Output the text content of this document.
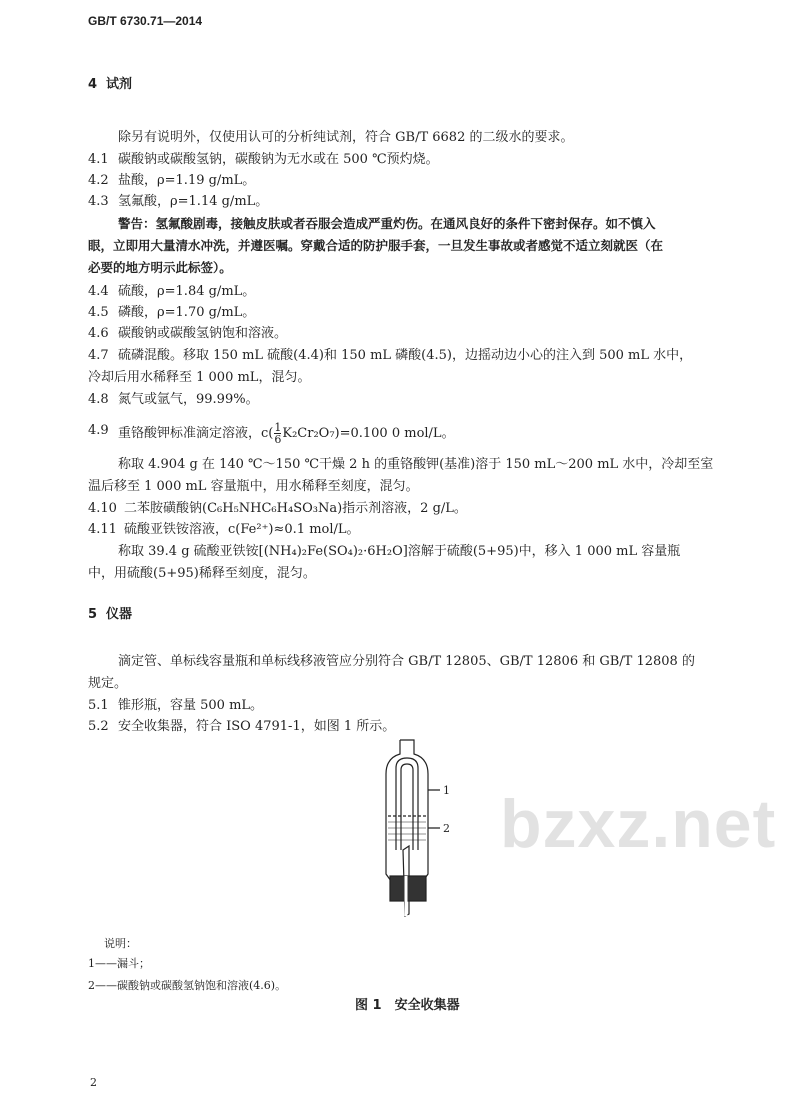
bzxz.net
GB/T 6730.71—2014
4 试剂
除另有说明外，仅使用认可的分析纯试剂，符合 GB/T 6682 的二级水的要求。
4.1 碳酸钠或碳酸氢钠，碳酸钠为无水或在 500 ℃预灼烧。
4.2 盐酸，ρ=1.19 g/mL。
4.3 氢氟酸，ρ=1.14 g/mL。
警告：氢氟酸剧毒，接触皮肤或者吞服会造成严重灼伤。在通风良好的条件下密封保存。如不慎入
眼，立即用大量清水冲洗，并遵医嘱。穿戴合适的防护服手套，一旦发生事故或者感觉不适立刻就医（在
必要的地方明示此标签）。
4.4 硫酸，ρ=1.84 g/mL。
4.5 磷酸，ρ=1.70 g/mL。
4.6 碳酸钠或碳酸氢钠饱和溶液。
4.7 硫磷混酸。移取 150 mL 硫酸(4.4)和 150 mL 磷酸(4.5)，边摇动边小心的注入到 500 mL 水中，
冷却后用水稀释至 1 000 mL，混匀。
4.8 氮气或氩气，99.99%。
4.9 重铬酸钾标准滴定溶液，$c( \frac{1}{6} K_2Cr_2O_7)=0.100$ 0 mol/L。
称取 4.904 g 在 140 ℃～150 ℃干燥 2 h 的重铬酸钾(基准)溶于 150 mL～200 mL 水中，冷却至室
温后移至 1 000 mL 容量瓶中，用水稀释至刻度，混匀。
4.10 二苯胺磺酸钠(C₆H₅NHC₆H₄SO₃Na)指示剂溶液，2 g/L。
4.11 硫酸亚铁铵溶液，c(Fe²⁺)≈0.1 mol/L。
称取 39.4 g 硫酸亚铁铵[(NH₄)₂Fe(SO₄)₂·6H₂O]溶解于硫酸(5+95)中，移入 1 000 mL 容量瓶
中，用硫酸(5+95)稀释至刻度，混匀。
5 仪器
滴定管、单标线容量瓶和单标线移液管应分别符合 GB/T 12805、GB/T 12806 和 GB/T 12808 的
规定。
5.1 锥形瓶，容量 500 mL。
5.2 安全收集器，符合 ISO 4791-1，如图 1 所示。
1
2
说明：
1——漏斗；
2——碳酸钠或碳酸氢钠饱和溶液(4.6)。
图 1　安全收集器
2
